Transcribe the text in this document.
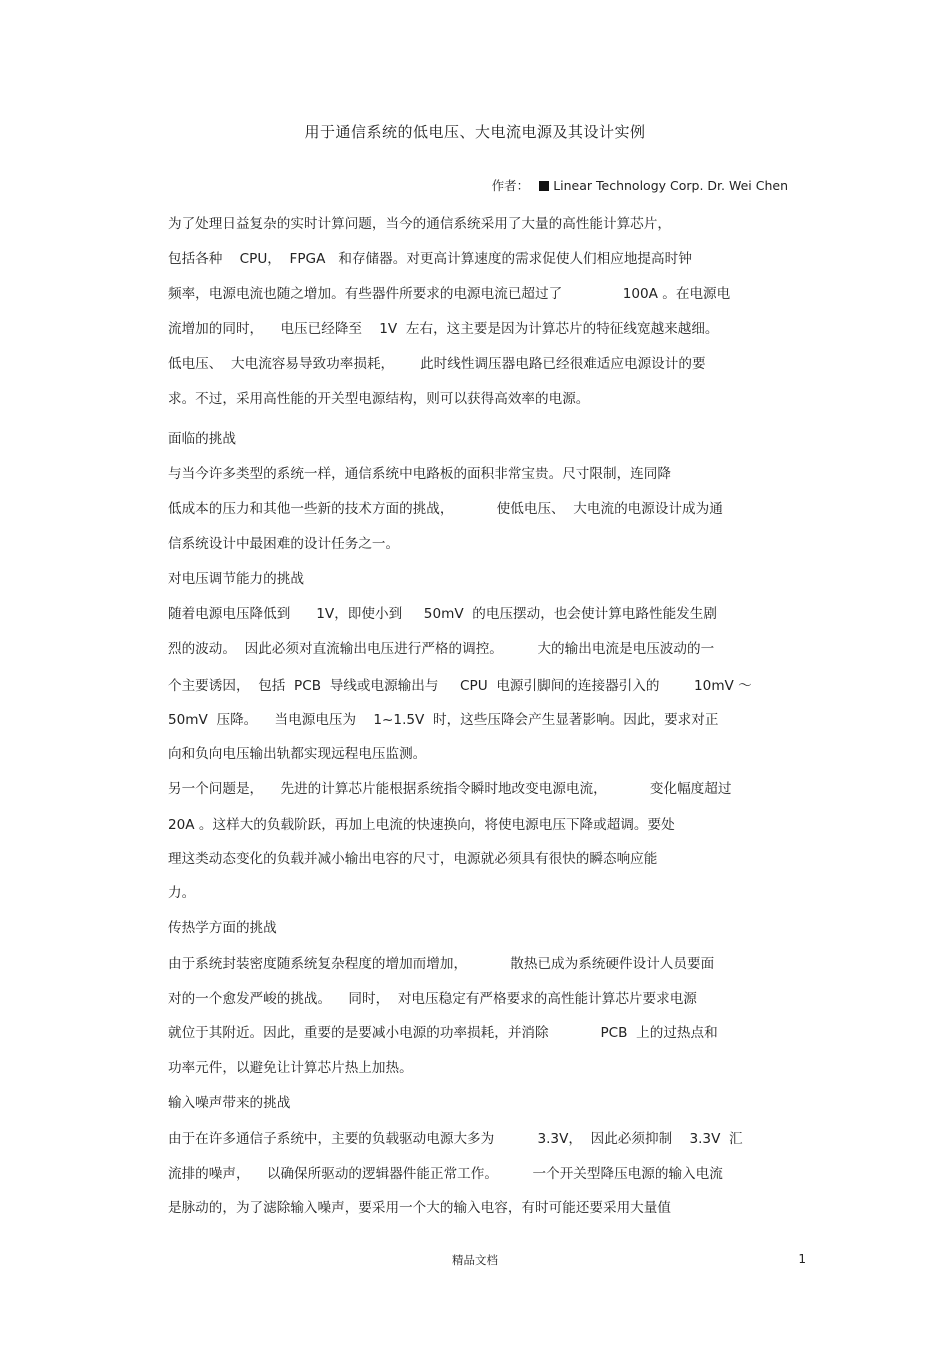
用于通信系统的低电压、大电流电源及其设计实例
作者： Linear Technology Corp. Dr. Wei Chen
为了处理日益复杂的实时计算问题，当今的通信系统采用了大量的高性能计算芯片，
包括各种    CPU，  FPGA   和存储器。对更高计算速度的需求促使人们相应地提高时钟
频率，电源电流也随之增加。有些器件所要求的电源电流已超过了              100A 。在电源电
流增加的同时，    电压已经降至    1V  左右，这主要是因为计算芯片的特征线宽越来越细。
低电压、  大电流容易导致功率损耗，      此时线性调压器电路已经很难适应电源设计的要
求。不过，采用高性能的开关型电源结构，则可以获得高效率的电源。
面临的挑战
与当今许多类型的系统一样，通信系统中电路板的面积非常宝贵。尺寸限制，连同降
低成本的压力和其他一些新的技术方面的挑战，          使低电压、  大电流的电源设计成为通
信系统设计中最困难的设计任务之一。
对电压调节能力的挑战
随着电源电压降低到      1V，即使小到     50mV  的电压摆动，也会使计算电路性能发生剧
烈的波动。  因此必须对直流输出电压进行严格的调控。        大的输出电流是电压波动的一
个主要诱因，  包括  PCB  导线或电源输出与     CPU  电源引脚间的连接器引入的        10mV ～
50mV  压降。    当电源电压为    1~1.5V  时，这些压降会产生显著影响。因此，要求对正
向和负向电压输出轨都实现远程电压监测。
另一个问题是，    先进的计算芯片能根据系统指令瞬时地改变电源电流，          变化幅度超过
20A 。这样大的负载阶跃，再加上电流的快速换向，将使电源电压下降或超调。要处
理这类动态变化的负载并减小输出电容的尺寸，电源就必须具有很快的瞬态响应能
力。
传热学方面的挑战
由于系统封装密度随系统复杂程度的增加而增加，          散热已成为系统硬件设计人员要面
对的一个愈发严峻的挑战。    同时，  对电压稳定有严格要求的高性能计算芯片要求电源
就位于其附近。因此，重要的是要减小电源的功率损耗，并消除            PCB  上的过热点和
功率元件，以避免让计算芯片热上加热。
输入噪声带来的挑战
由于在许多通信子系统中，主要的负载驱动电源大多为          3.3V，  因此必须抑制    3.3V  汇
流排的噪声，    以确保所驱动的逻辑器件能正常工作。        一个开关型降压电源的输入电流
是脉动的，为了滤除输入噪声，要采用一个大的输入电容，有时可能还要采用大量值
精品文档	1
